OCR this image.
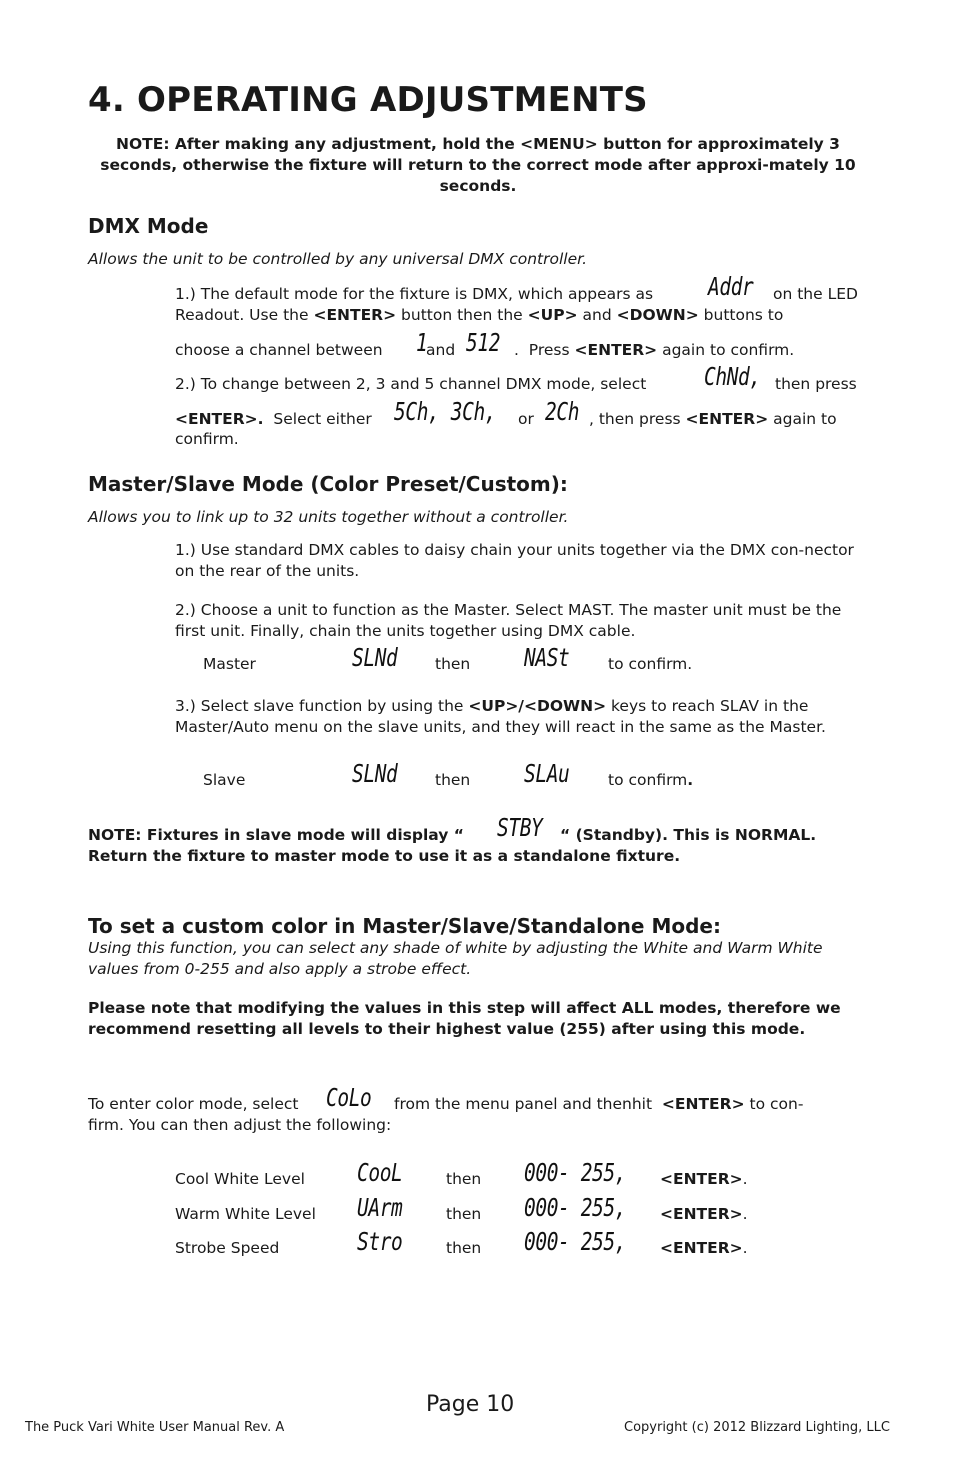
4. OPERATING ADJUSTMENTS
NOTE: After making any adjustment, hold the <MENU> button for approximately 3 seconds, otherwise the fixture will return to the correct mode after approxi-mately 10 seconds.
DMX Mode
Allows the unit to be controlled by any universal DMX controller.
1.) The default mode for the fixture is DMX, which appears as Addr on the LED
Readout. Use the <ENTER> button then the <UP> and <DOWN> buttons to
choose a channel between 1
and 512 .  Press <ENTER> again to confirm.
2.) To change between 2, 3 and 5 channel DMX mode, select ChNd, then press
<ENTER>. Select either 5Ch, 3Ch, or 2Ch , then press <ENTER> again to
confirm.
Master/Slave Mode (Color Preset/Custom):
Allows you to link up to 32 units together without a controller.
1.) Use standard DMX cables to daisy chain your units together via the DMX con-nector on the rear of the units.
2.) Choose a unit to function as the Master. Select MAST. The master unit must be the first unit. Finally, chain the units together using DMX cable.
Master	SLNd then NASt to confirm.
3.) Select slave function by using the <UP>/<DOWN> keys to reach SLAV in the Master/Auto menu on the slave units, and they will react in the same as the Master.
Slave	SLNd then SLAu to confirm.
NOTE: Fixtures in slave mode will display “ STBY “ (Standby). This is NORMAL.
Return the fixture to master mode to use it as a standalone fixture.
To set a custom color in Master/Slave/Standalone Mode:
Using this function, you can select any shade of white by adjusting the White and Warm White values from 0-255 and also apply a strobe effect.
Please note that modifying the values in this step will affect ALL modes, therefore we recommend resetting all levels to their highest value (255) after using this mode.
To enter color mode, select CoLo from the menu panel and thenhit <ENTER> to con-
firm. You can then adjust the following:
Cool White Level CooL	then 000- 255, <ENTER>.
Warm White Level UArm	then 000- 255, <ENTER>.
Strobe Speed	Stro	then 000- 255, <ENTER>.
Page 10
The Puck Vari White User Manual Rev. A	Copyright (c) 2012 Blizzard Lighting, LLC
